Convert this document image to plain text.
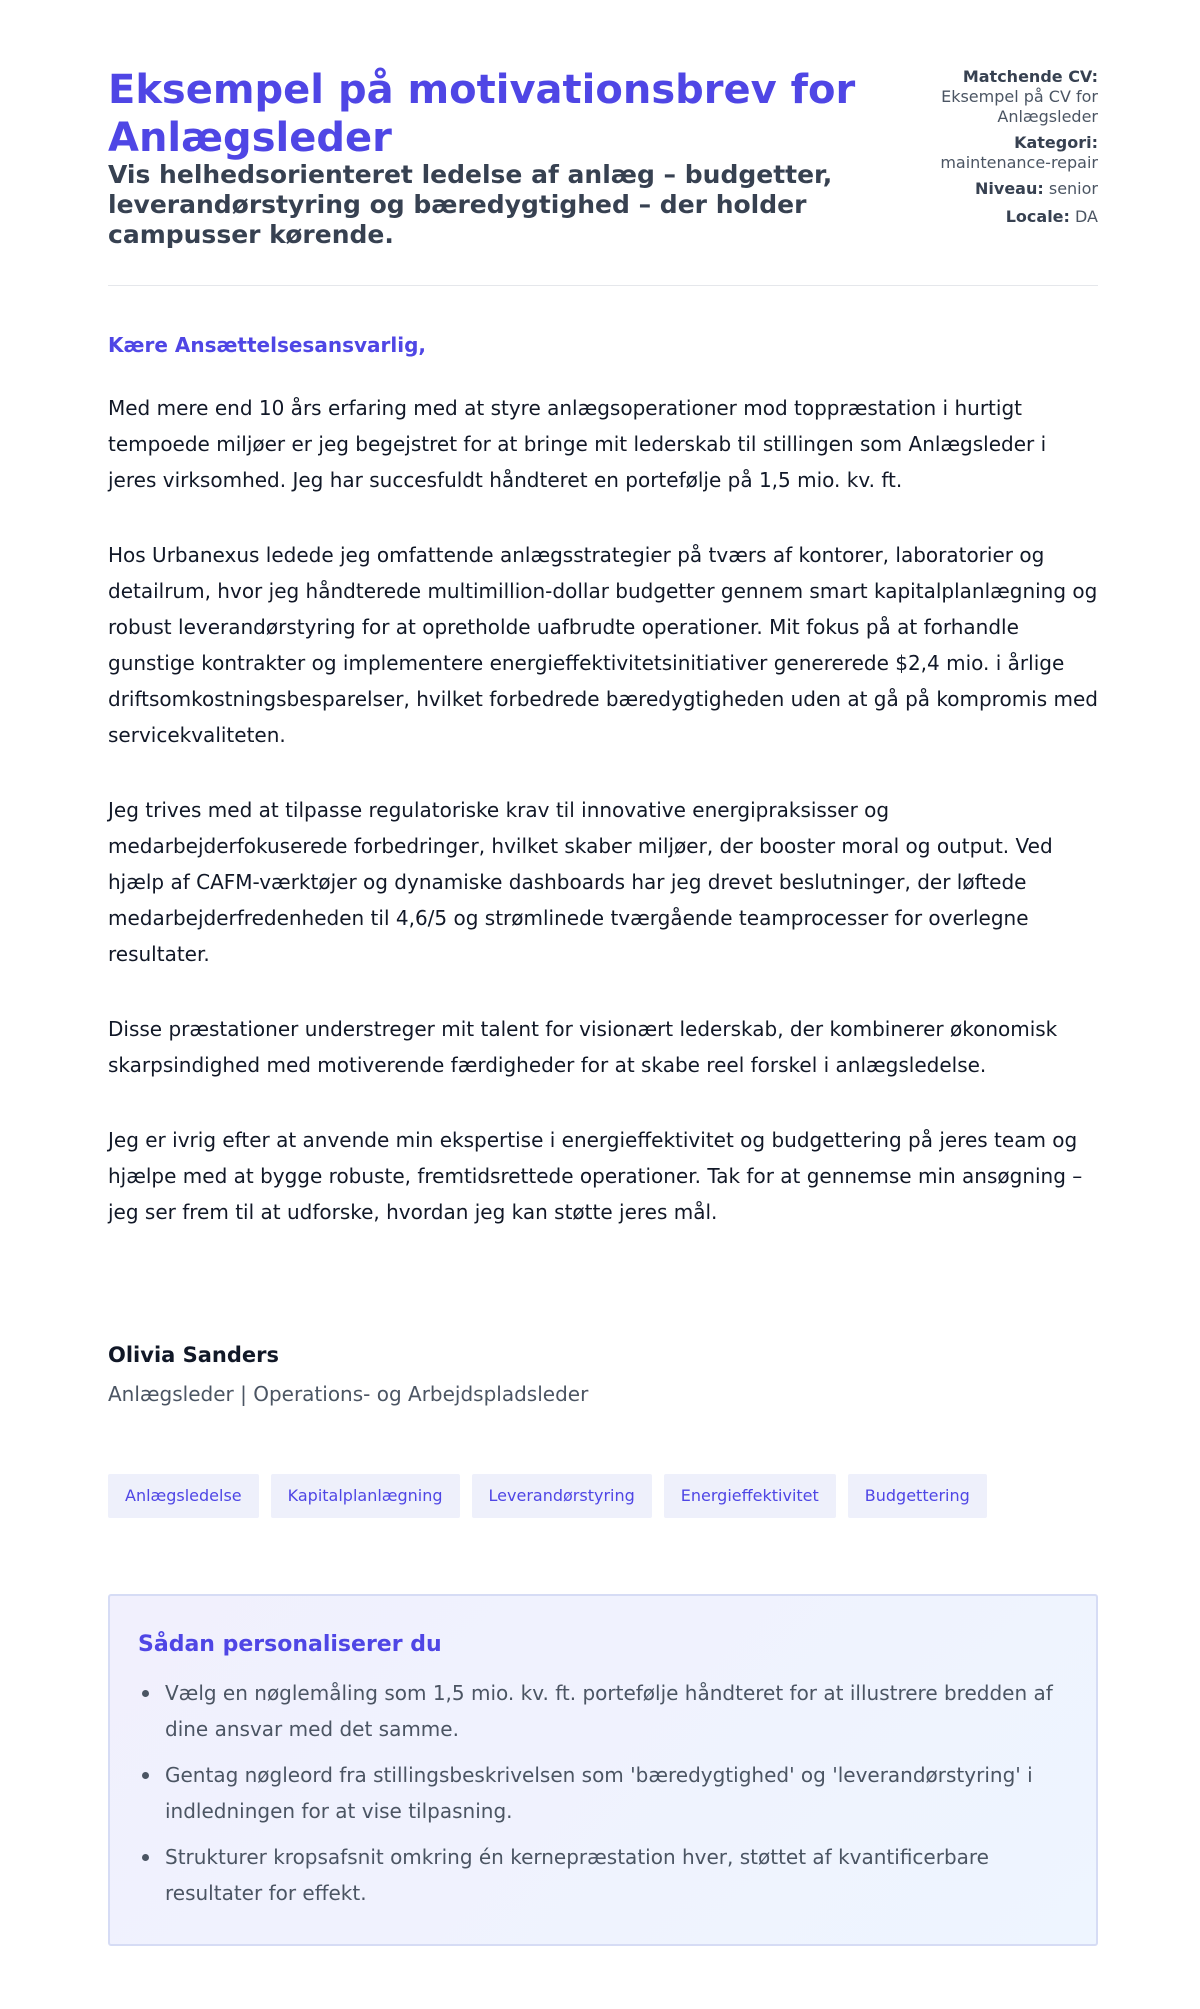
Eksempel på motivationsbrev for Anlægsleder
Vis helhedsorienteret ledelse af anlæg – budgetter, leverandørstyring og bæredygtighed – der holder campusser kørende.
Matchende CV:
Eksempel på CV for Anlægsleder
Kategori:
maintenance-repair
Niveau: senior
Locale: DA
Kære Ansættelsesansvarlig,

Med mere end 10 års erfaring med at styre anlægsoperationer mod toppræstation i hurtigt tempoede miljøer er jeg begejstret for at bringe mit lederskab til stillingen som Anlægsleder i jeres virksomhed. Jeg har succesfuldt håndteret en portefølje på 1,5 mio. kv. ft.

Hos Urbanexus ledede jeg omfattende anlægsstrategier på tværs af kontorer, laboratorier og detailrum, hvor jeg håndterede multimillion-dollar budgetter gennem smart kapitalplanlægning og robust leverandørstyring for at opretholde uafbrudte operationer. Mit fokus på at forhandle gunstige kontrakter og implementere energieffektivitetsinitiativer genererede $2,4 mio. i årlige driftsomkostningsbesparelser, hvilket forbedrede bæredygtigheden uden at gå på kompromis med servicekvaliteten.

Jeg trives med at tilpasse regulatoriske krav til innovative energipraksisser og medarbejderfokuserede forbedringer, hvilket skaber miljøer, der booster moral og output. Ved hjælp af CAFM-værktøjer og dynamiske dashboards har jeg drevet beslutninger, der løftede medarbejderfredenheden til 4,6/5 og strømlinede tværgående teamprocesser for overlegne resultater.

Disse præstationer understreger mit talent for visionært lederskab, der kombinerer økonomisk skarpsindighed med motiverende færdigheder for at skabe reel forskel i anlægsledelse.

Jeg er ivrig efter at anvende min ekspertise i energieffektivitet og budgettering på jeres team og hjælpe med at bygge robuste, fremtidsrettede operationer. Tak for at gennemse min ansøgning – jeg ser frem til at udforske, hvordan jeg kan støtte jeres mål.

Olivia Sanders
Anlægsleder | Operations- og Arbejdspladsleder
Anlægsledelse	Kapitalplanlægning	Leverandørstyring	Energieffektivitet	Budgettering
Sådan personaliserer du
Vælg en nøglemåling som 1,5 mio. kv. ft. portefølje håndteret for at illustrere bredden af dine ansvar med det samme.
Gentag nøgleord fra stillingsbeskrivelsen som 'bæredygtighed' og 'leverandørstyring' i indledningen for at vise tilpasning.
Strukturer kropsafsnit omkring én kernepræstation hver, støttet af kvantificerbare resultater for effekt.
